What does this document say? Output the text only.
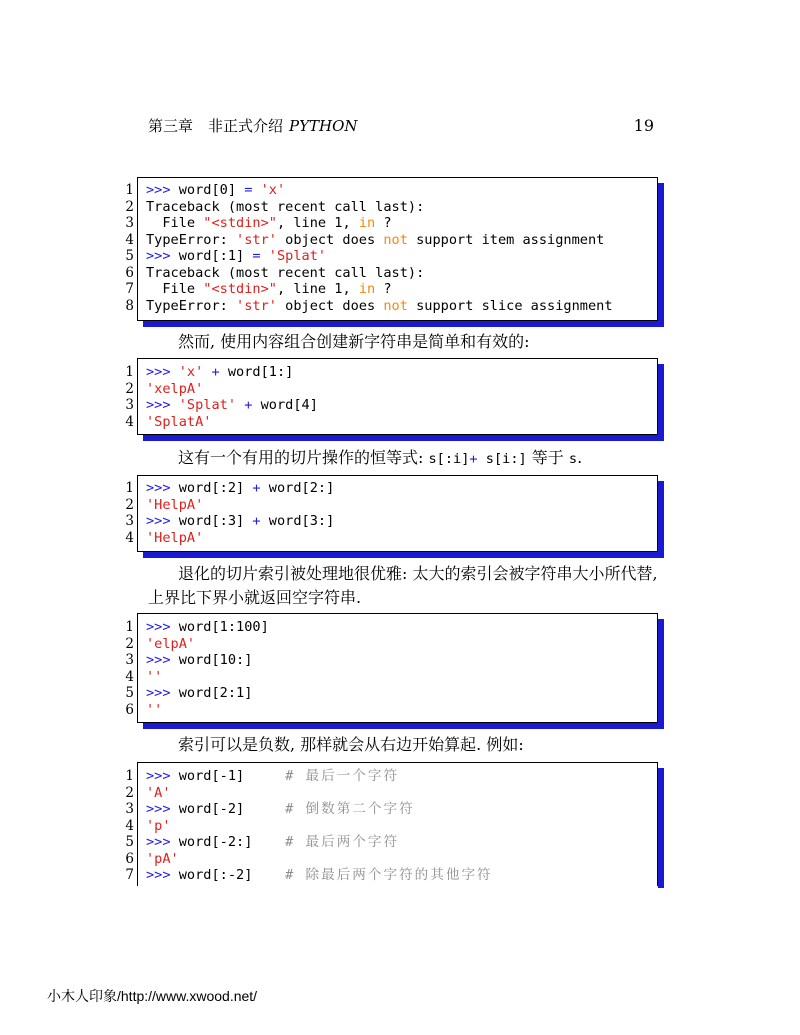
第三章 非正式介绍 PYTHON	19
1 >>> word[0] = 'x'
2 Traceback (most recent call last):
3 File "<stdin>", line 1, in ?
4 TypeError: 'str' object does not support item assignment
5 >>> word[:1] = 'Splat'
6 Traceback (most recent call last):
7 File "<stdin>", line 1, in ?
8 TypeError: 'str' object does not support slice assignment

然而, 使用内容组合创建新字符串是简单和有效的:

1 >>> 'x' + word[1:]
2 'xelpA'
3 >>> 'Splat' + word[4]
4 'SplatA'

这有一个有用的切片操作的恒等式: s[:i]+ s[i:] 等于 s.

1 >>> word[:2] + word[2:]
2 'HelpA'
3 >>> word[:3] + word[3:]
4 'HelpA'
退化的切片索引被处理地很优雅: 太大的索引会被字符串大小所代替,
上界比下界小就返回空字符串.
1 >>> word[1:100]
2 'elpA'
3 >>> word[10:]
4 ''
5 >>> word[2:1]
6 ''

索引可以是负数, 那样就会从右边开始算起. 例如:

1 >>> word[-1]     # 最后一个字符
2 'A'
3 >>> word[-2]     # 倒数第二个字符
4 'p'
5 >>> word[-2:]    # 最后两个字符
6 'pA'
7 >>> word[:-2]    # 除最后两个字符的其他字符
小木人印象/http://www.xwood.net/
